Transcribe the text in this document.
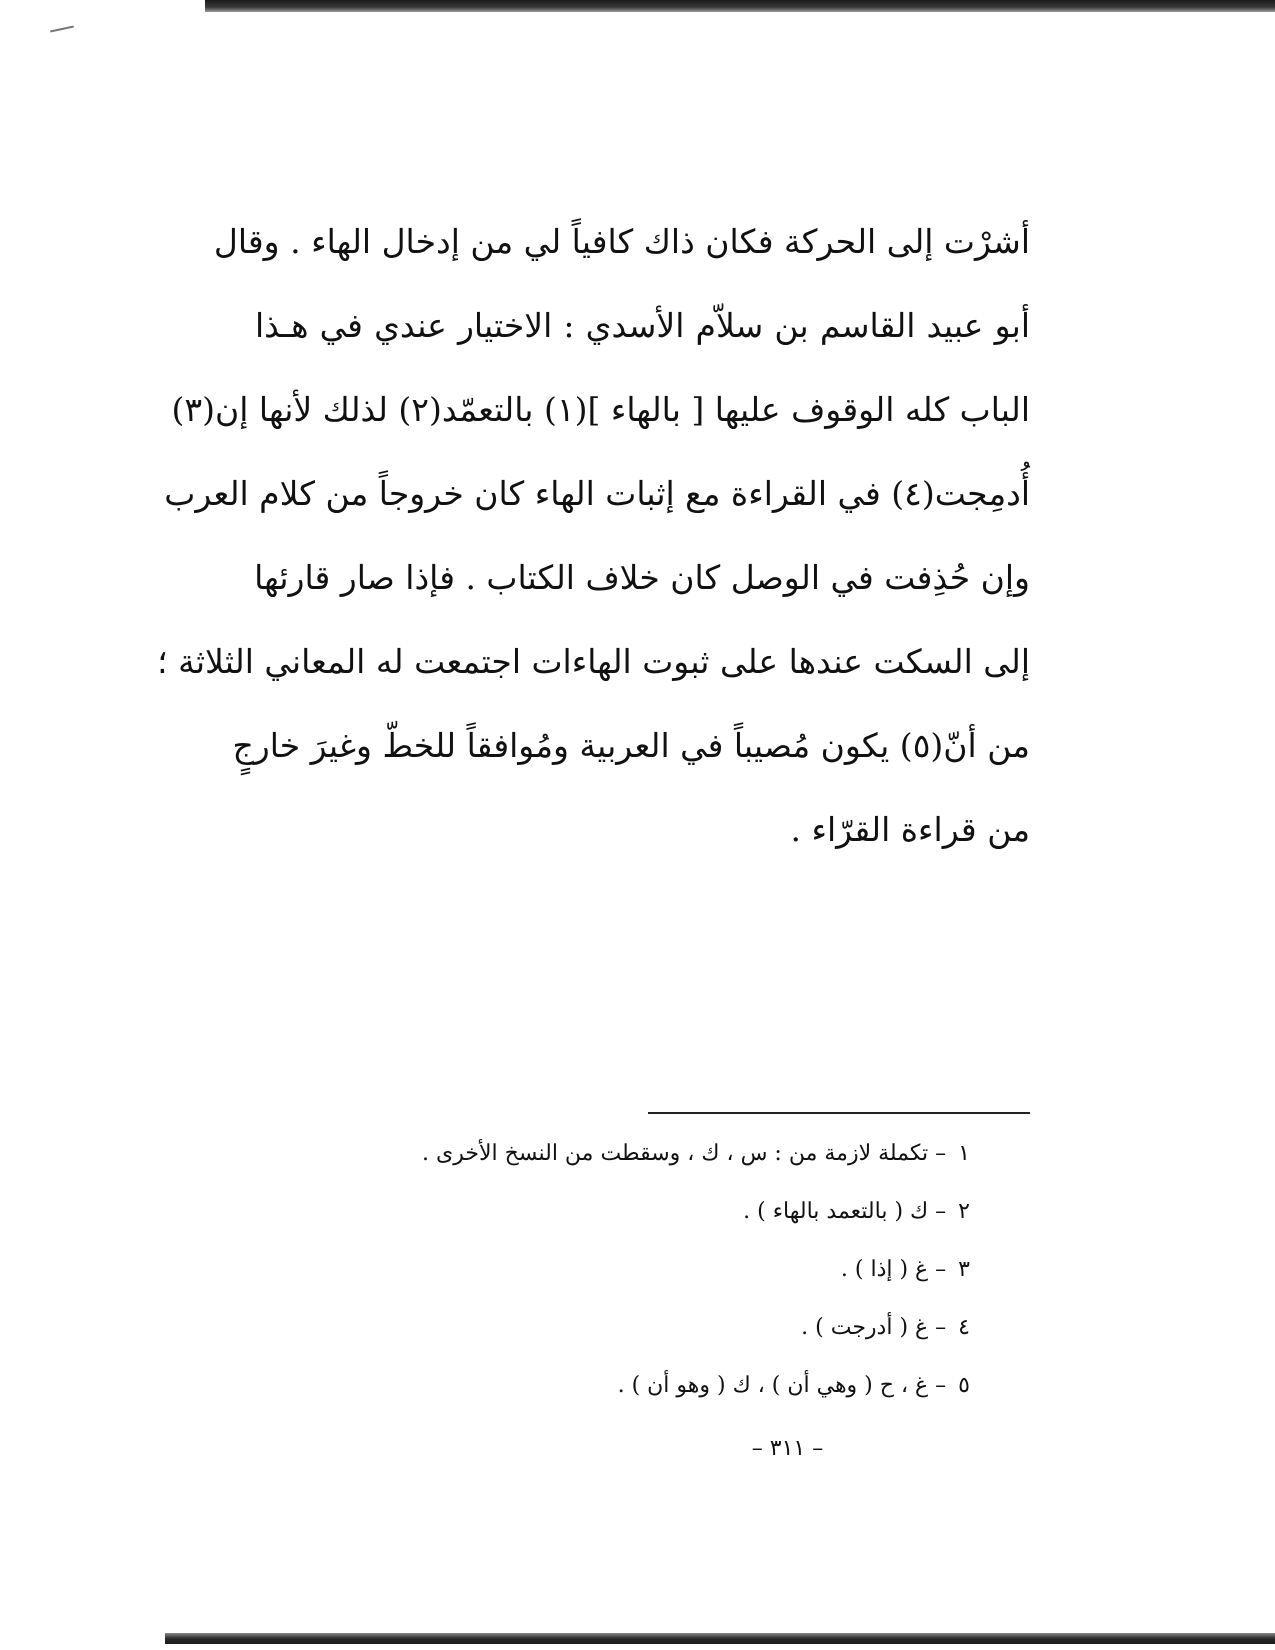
أشرْت إلى الحركة فكان ذاك كافياً لي من إدخال الهاء . وقال
أبو عبيد القاسم بن سلاّم الأسدي : الاختيار عندي في هـذا
الباب كله الوقوف عليها [ بالهاء ](١) بالتعمّد(٢) لذلك لأنها إن(٣)
أُدمِجت(٤) في القراءة مع إثبات الهاء كان خروجاً من كلام العرب
وإن حُذِفت في الوصل كان خلاف الكتاب . فإذا صار قارئها
إلى السكت عندها على ثبوت الهاءات اجتمعت له المعاني الثلاثة ؛
من أنّ(٥) يكون مُصيباً في العربية ومُوافقاً للخطّ وغيرَ خارجٍ
من قراءة القرّاء .
١– تكملة لازمة من : س ، ك ، وسقطت من النسخ الأخرى .
٢– ك ( بالتعمد بالهاء ) .
٣– غ ( إذا ) .
٤– غ ( أدرجت ) .
٥– غ ، ح ( وهي أن ) ، ك ( وهو أن ) .
– ٣١١ –
